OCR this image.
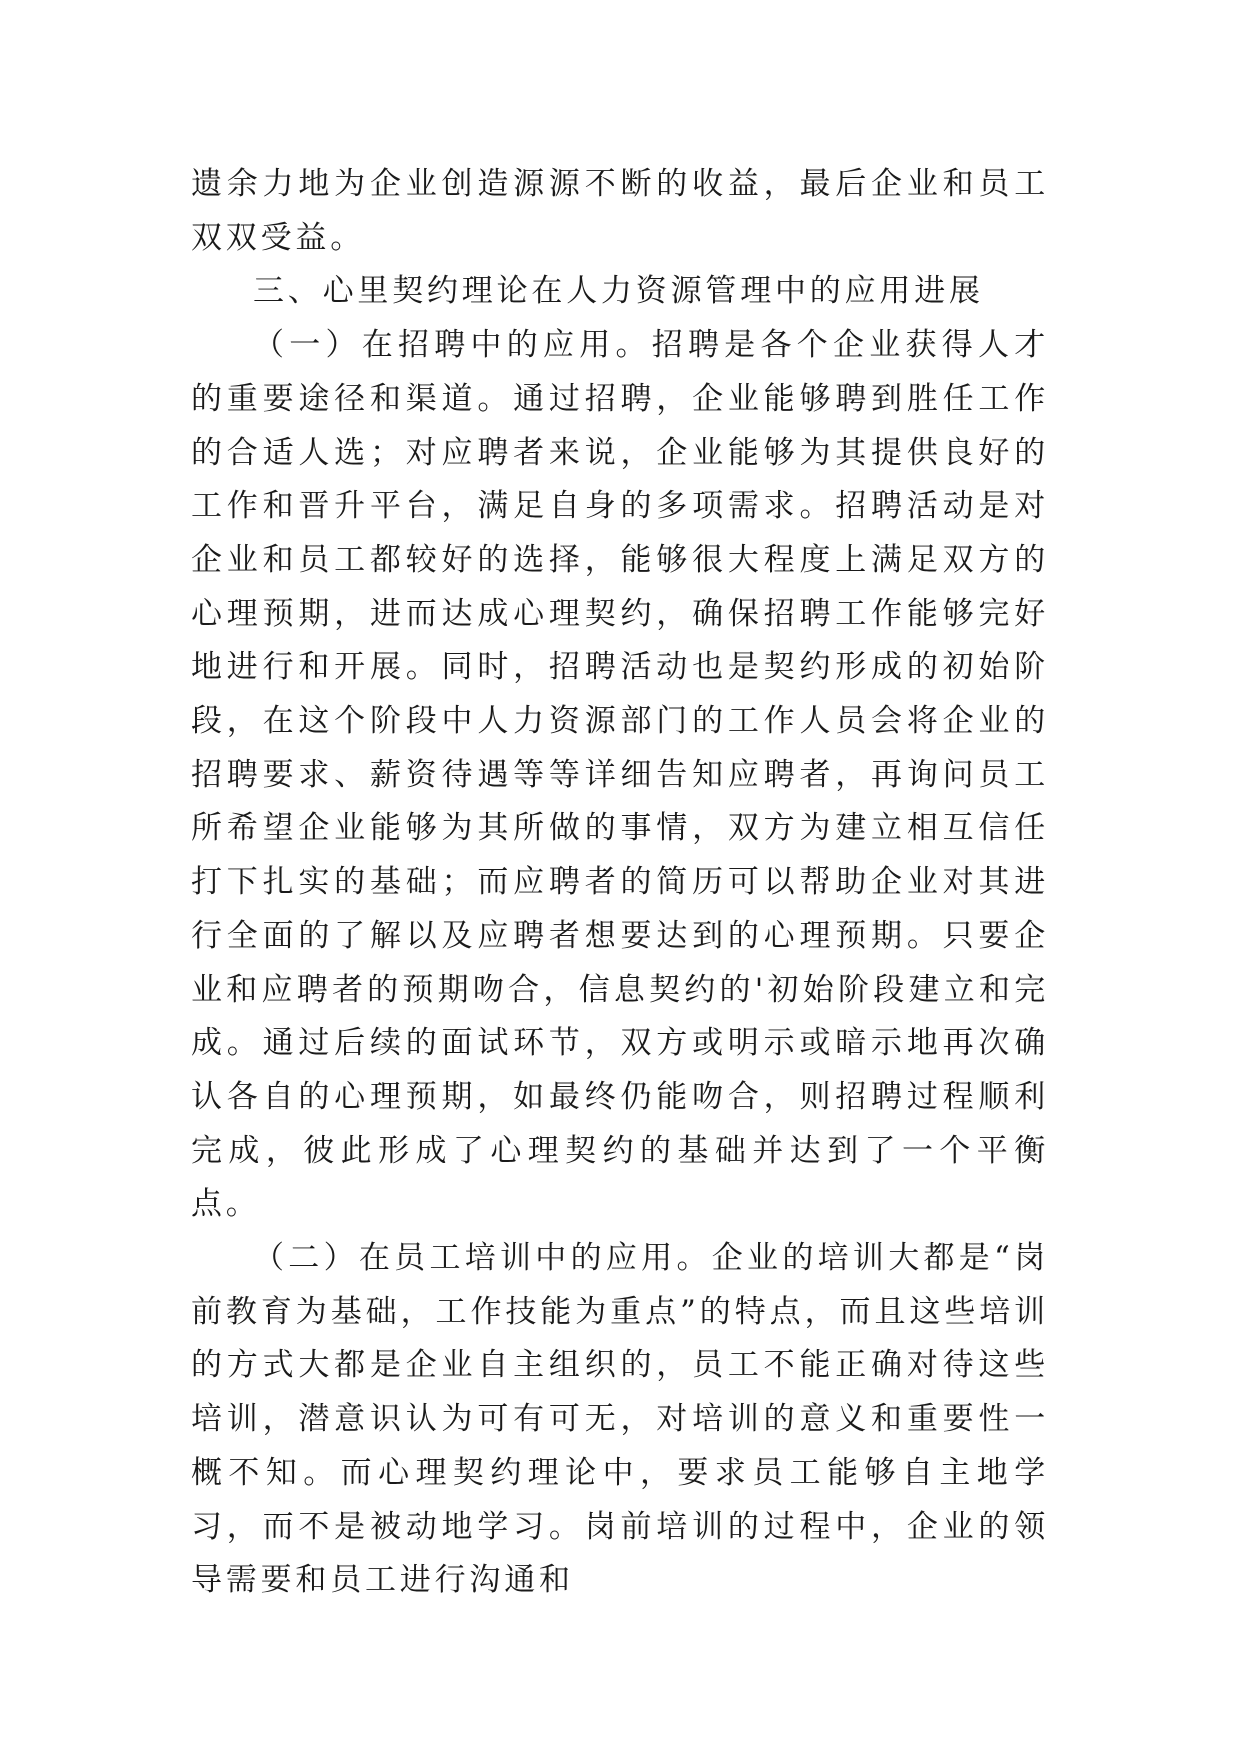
遗余力地为企业创造源源不断的收益，最后企业和员工双双受益。

三、心里契约理论在人力资源管理中的应用进展

（一）在招聘中的应用。招聘是各个企业获得人才的重要途径和渠道。通过招聘，企业能够聘到胜任工作的合适人选；对应聘者来说，企业能够为其提供良好的工作和晋升平台，满足自身的多项需求。招聘活动是对企业和员工都较好的选择，能够很大程度上满足双方的心理预期，进而达成心理契约，确保招聘工作能够完好地进行和开展。同时，招聘活动也是契约形成的初始阶段，在这个阶段中人力资源部门的工作人员会将企业的招聘要求、薪资待遇等等详细告知应聘者，再询问员工所希望企业能够为其所做的事情，双方为建立相互信任打下扎实的基础；而应聘者的简历可以帮助企业对其进行全面的了解以及应聘者想要达到的心理预期。只要企业和应聘者的预期吻合，信息契约的'初始阶段建立和完成。通过后续的面试环节，双方或明示或暗示地再次确认各自的心理预期，如最终仍能吻合，则招聘过程顺利完成，彼此形成了心理契约的基础并达到了一个平衡点。

（二）在员工培训中的应用。企业的培训大都是“岗前教育为基础，工作技能为重点”的特点，而且这些培训的方式大都是企业自主组织的，员工不能正确对待这些培训，潜意识认为可有可无，对培训的意义和重要性一概不知。而心理契约理论中，要求员工能够自主地学习，而不是被动地学习。岗前培训的过程中，企业的领导需要和员工进行沟通和
